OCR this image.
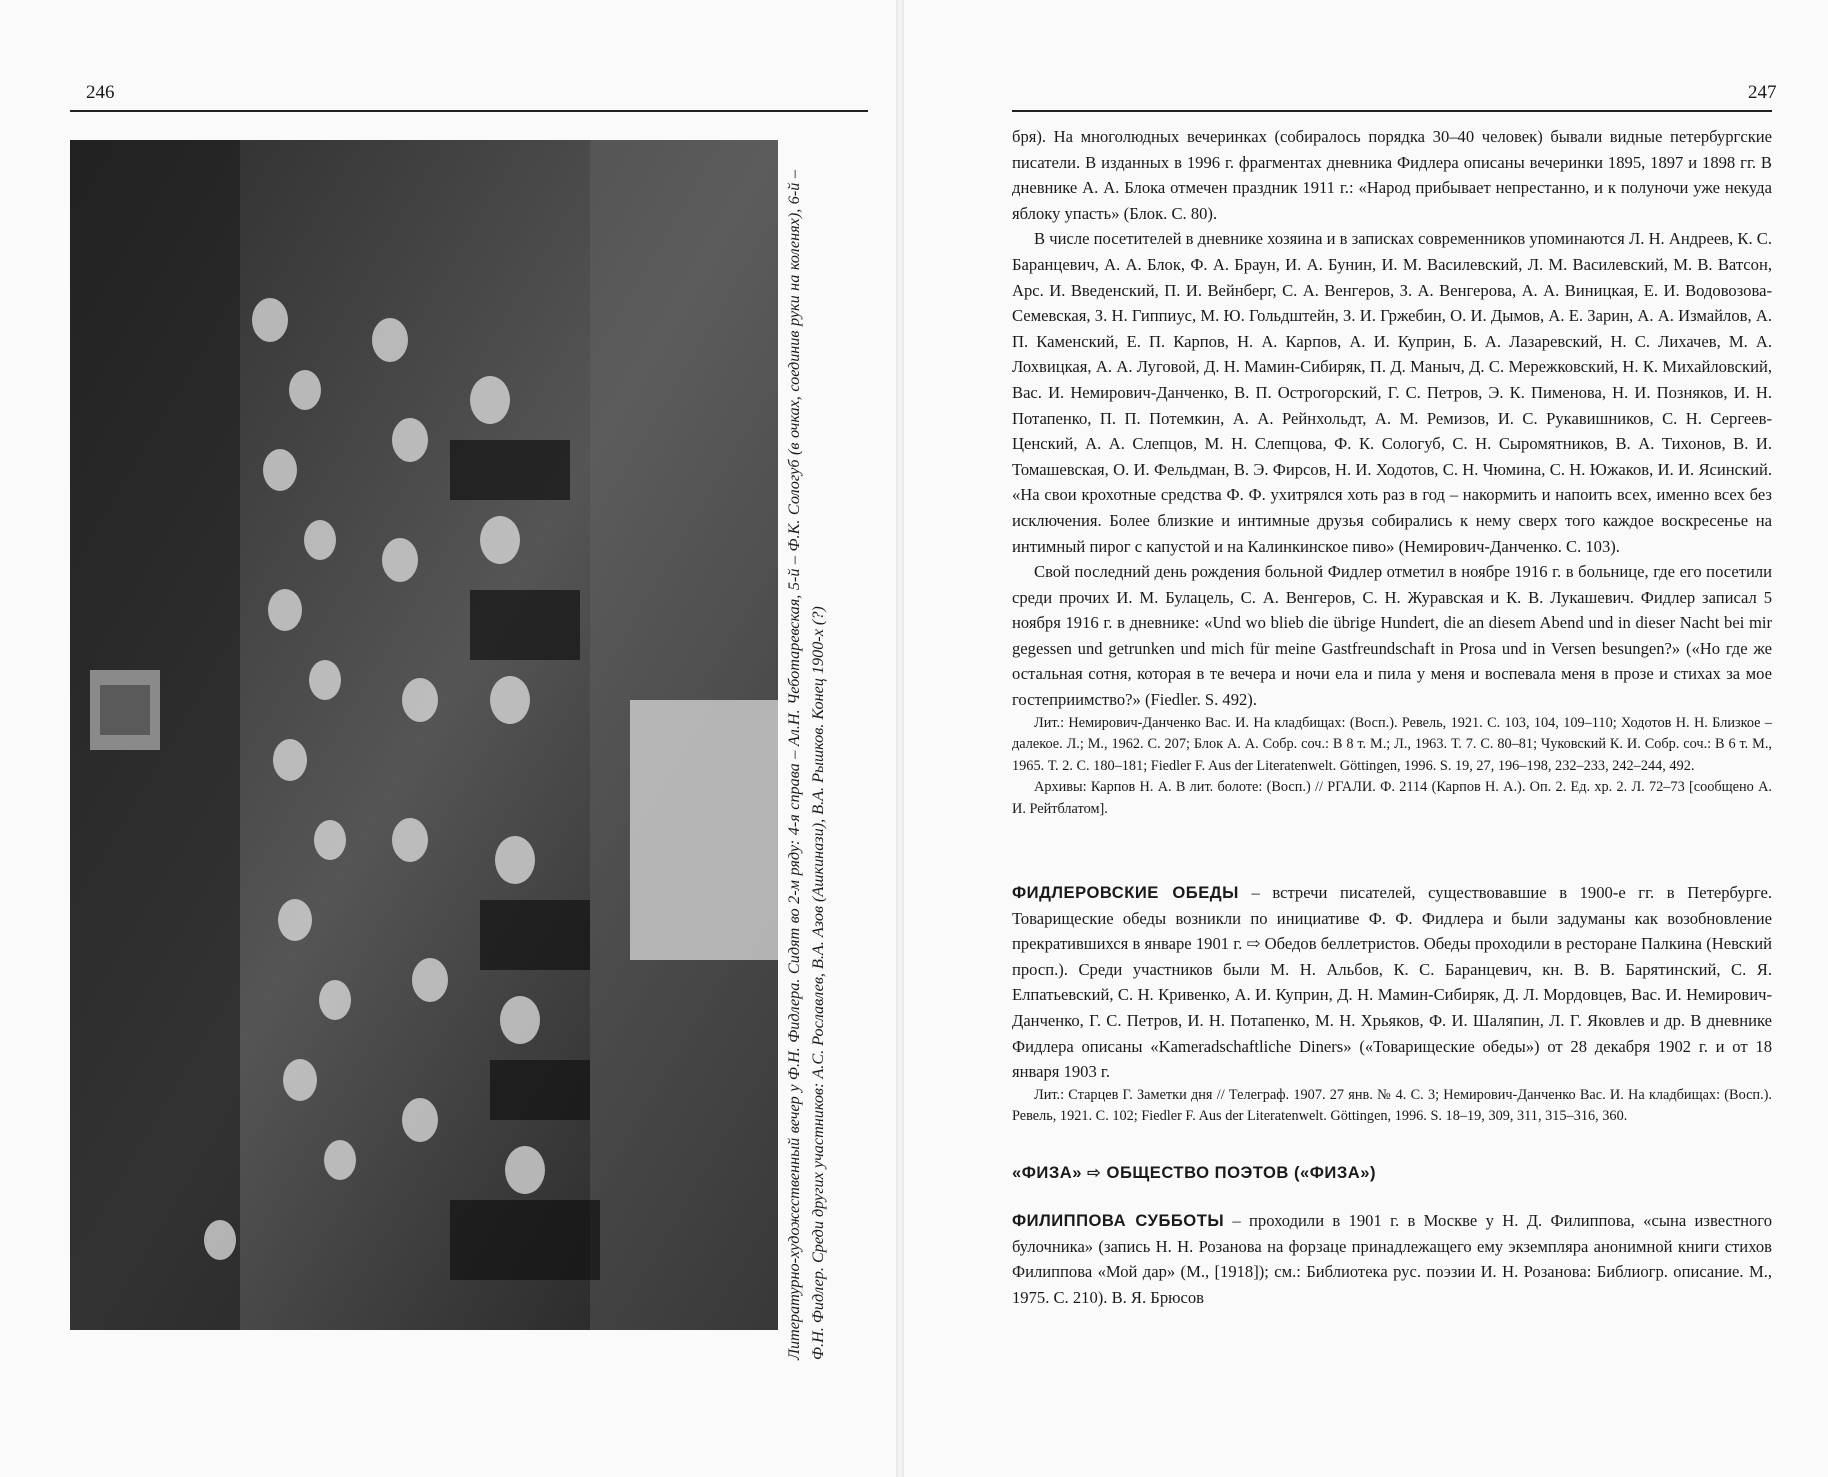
246
Литературно-художественный вечер у Ф.Н. Фидлера. Сидят во 2-м ряду: 4-я справа – Ал.Н. Чеботаревская, 5-й – Ф.К. Сологуб (в очках, соединив руки на коленях), 6-й – Ф.Н. Фидлер. Среди других участников: А.С. Рославлев, В.А. Азов (Ашкинази), В.А. Рышков. Конец 1900-х (?)
247

бря). На многолюдных вечеринках (собиралось порядка 30–40 человек) бывали видные петербургские писатели. В изданных в 1996 г. фрагментах дневника Фидлера описаны вечеринки 1895, 1897 и 1898 гг. В дневнике А. А. Блока отмечен праздник 1911 г.: «Народ прибывает непрестанно, и к полуночи уже некуда яблоку упасть» (Блок. С. 80).

В числе посетителей в дневнике хозяина и в записках современников упоминаются Л. Н. Андреев, К. С. Баранцевич, А. А. Блок, Ф. А. Браун, И. А. Бунин, И. М. Василевский, Л. М. Василевский, М. В. Ватсон, Арс. И. Введенский, П. И. Вейнберг, С. А. Венгеров, З. А. Венгерова, А. А. Виницкая, Е. И. Водовозова-Семевская, З. Н. Гиппиус, М. Ю. Гольдштейн, З. И. Гржебин, О. И. Дымов, А. Е. Зарин, А. А. Измайлов, А. П. Каменский, Е. П. Карпов, Н. А. Карпов, А. И. Куприн, Б. А. Лазаревский, Н. С. Лихачев, М. А. Лохвицкая, А. А. Луговой, Д. Н. Мамин-Сибиряк, П. Д. Маныч, Д. С. Мережковский, Н. К. Михайловский, Вас. И. Немирович-Данченко, В. П. Острогорский, Г. С. Петров, Э. К. Пименова, Н. И. Позняков, И. Н. Потапенко, П. П. Потемкин, А. А. Рейнхольдт, А. М. Ремизов, И. С. Рукавишников, С. Н. Сергеев-Ценский, А. А. Слепцов, М. Н. Слепцова, Ф. К. Сологуб, С. Н. Сыромятников, В. А. Тихонов, В. И. Томашевская, О. И. Фельдман, В. Э. Фирсов, Н. И. Ходотов, С. Н. Чюмина, С. Н. Южаков, И. И. Ясинский. «На свои крохотные средства Ф. Ф. ухитрялся хоть раз в год – накормить и напоить всех, именно всех без исключения. Более близкие и интимные друзья собирались к нему сверх того каждое воскресенье на интимный пирог с капустой и на Калинкинское пиво» (Немирович-Данченко. С. 103).

Свой последний день рождения больной Фидлер отметил в ноябре 1916 г. в больнице, где его посетили среди прочих И. М. Булацель, С. А. Венгеров, С. Н. Журавская и К. В. Лукашевич. Фидлер записал 5 ноября 1916 г. в дневнике: «Und wo blieb die übrige Hundert, die an diesem Abend und in dieser Nacht bei mir gegessen und getrunken und mich für meine Gastfreundschaft in Prosa und in Versen besungen?» («Но где же остальная сотня, которая в те вечера и ночи ела и пила у меня и воспевала меня в прозе и стихах за мое гостеприимство?» (Fiedler. S. 492).

Лит.: Немирович-Данченко Вас. И. На кладбищах: (Восп.). Ревель, 1921. С. 103, 104, 109–110; Ходотов Н. Н. Близкое – далекое. Л.; М., 1962. С. 207; Блок А. А. Собр. соч.: В 8 т. М.; Л., 1963. Т. 7. С. 80–81; Чуковский К. И. Собр. соч.: В 6 т. М., 1965. Т. 2. С. 180–181; Fiedler F. Aus der Literatenwelt. Göttingen, 1996. S. 19, 27, 196–198, 232–233, 242–244, 492.

Архивы: Карпов Н. А. В лит. болоте: (Восп.) // РГАЛИ. Ф. 2114 (Карпов Н. А.). Оп. 2. Ед. хр. 2. Л. 72–73 [сообщено А. И. Рейтблатом].

ФИДЛЕРОВСКИЕ ОБЕДЫ – встречи писателей, существовавшие в 1900-е гг. в Петербурге. Товарищеские обеды возникли по инициативе Ф. Ф. Фидлера и были задуманы как возобновление прекратившихся в январе 1901 г. ⇨ Обедов беллетристов. Обеды проходили в ресторане Палкина (Невский просп.). Среди участников были М. Н. Альбов, К. С. Баранцевич, кн. В. В. Барятинский, С. Я. Елпатьевский, С. Н. Кривенко, А. И. Куприн, Д. Н. Мамин-Сибиряк, Д. Л. Мордовцев, Вас. И. Немирович-Данченко, Г. С. Петров, И. Н. Потапенко, М. Н. Хрьяков, Ф. И. Шаляпин, Л. Г. Яковлев и др. В дневнике Фидлера описаны «Kameradschaftliche Diners» («Товарищеские обеды») от 28 декабря 1902 г. и от 18 января 1903 г.

Лит.: Старцев Г. Заметки дня // Телеграф. 1907. 27 янв. № 4. С. 3; Немирович-Данченко Вас. И. На кладбищах: (Восп.). Ревель, 1921. С. 102; Fiedler F. Aus der Literatenwelt. Göttingen, 1996. S. 18–19, 309, 311, 315–316, 360.

«ФИЗА» ⇨ ОБЩЕСТВО ПОЭТОВ («ФИЗА»)

ФИЛИППОВА СУББОТЫ – проходили в 1901 г. в Москве у Н. Д. Филиппова, «сына известного булочника» (запись Н. Н. Розанова на форзаце принадлежащего ему экземпляра анонимной книги стихов Филиппова «Мой дар» (М., [1918]); см.: Библиотека рус. поэзии И. Н. Розанова: Библиогр. описание. М., 1975. С. 210). В. Я. Брюсов
